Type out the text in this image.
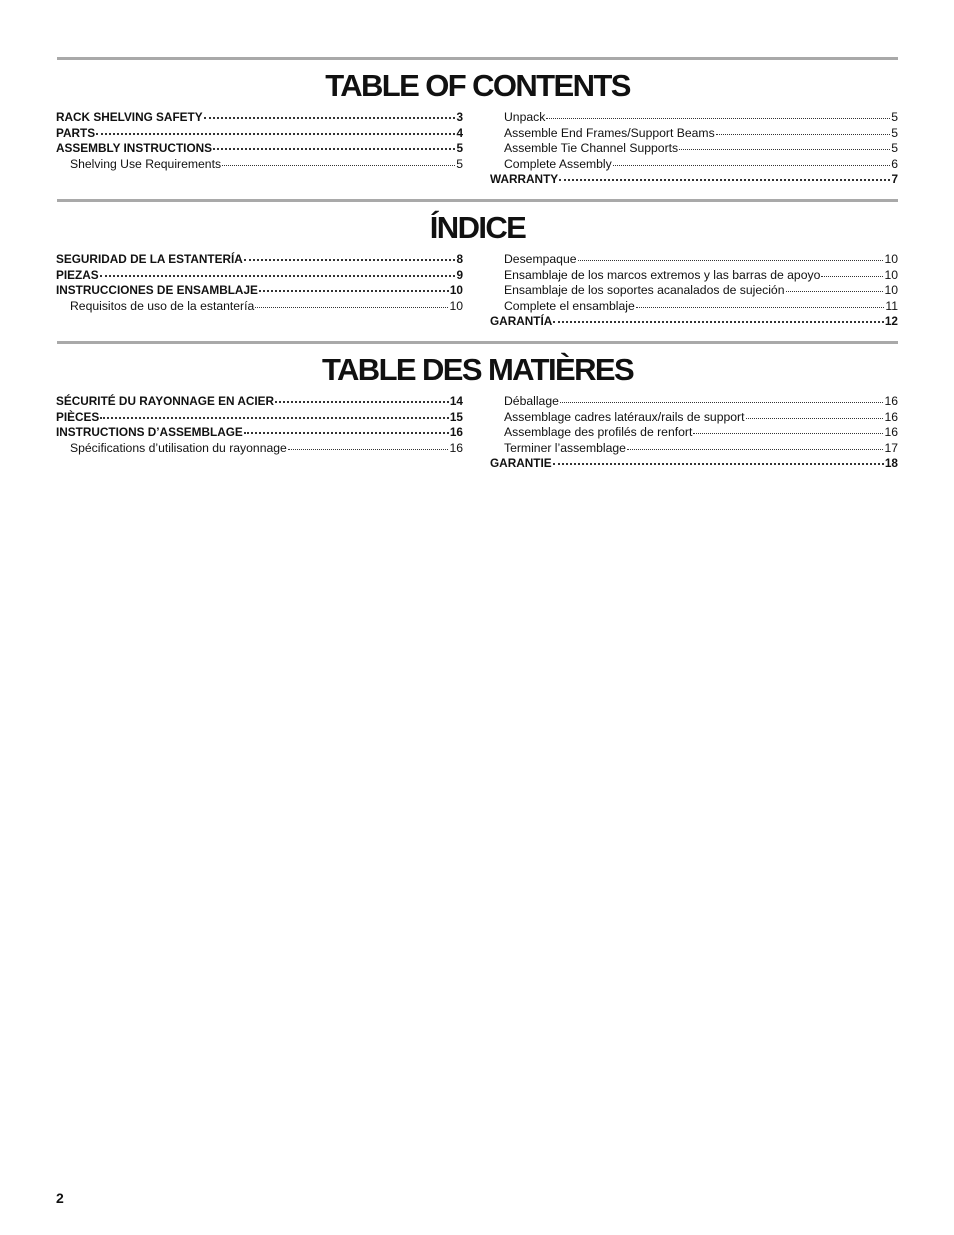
TABLE OF CONTENTS
RACK SHELVING SAFETY	3
PARTS	4
ASSEMBLY INSTRUCTIONS	5
Shelving Use Requirements	5
Unpack	5
Assemble End Frames/Support Beams	5
Assemble Tie Channel Supports	5
Complete Assembly	6
WARRANTY	7
ÍNDICE
SEGURIDAD DE LA ESTANTERÍA	8
PIEZAS	9
INSTRUCCIONES DE ENSAMBLAJE	10
Requisitos de uso de la estantería	10
Desempaque	10
Ensamblaje de los marcos extremos y las barras de apoyo	10
Ensamblaje de los soportes acanalados de sujeción	10
Complete el ensamblaje	11
GARANTÍA	12
TABLE DES MATIÈRES
SÉCURITÉ DU RAYONNAGE EN ACIER	14
PIÈCES	15
INSTRUCTIONS D’ASSEMBLAGE	16
Spécifications d’utilisation du rayonnage	16
Déballage	16
Assemblage cadres latéraux/rails de support	16
Assemblage des profilés de renfort	16
Terminer l’assemblage	17
GARANTIE	18
2
